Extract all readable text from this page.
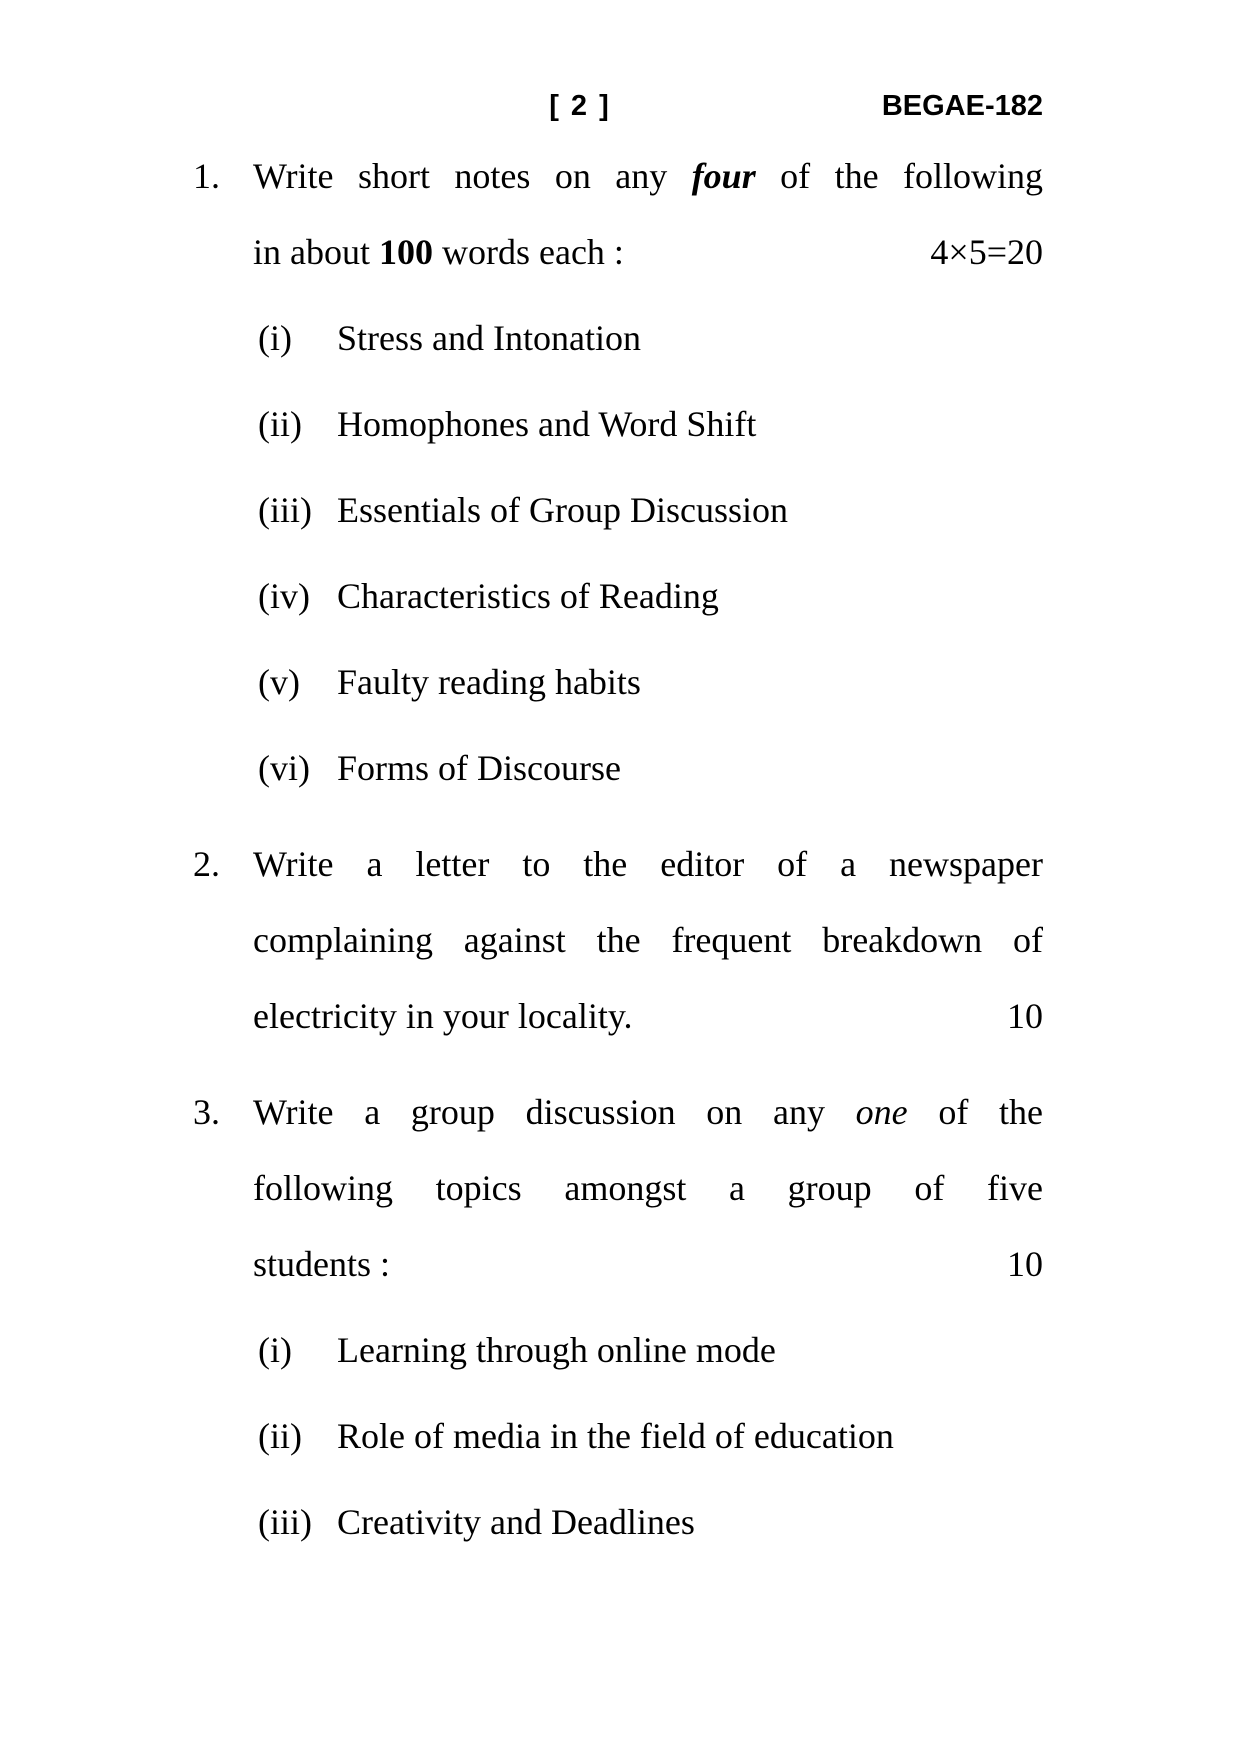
[ 2 ]	BEGAE-182
1. Write short notes on any four of the following
in about 100 words each :	4×5=20
(i)	Stress and Intonation
(ii) Homophones and Word Shift
(iii) Essentials of Group Discussion
(iv) Characteristics of Reading
(v)	Faulty reading habits
(vi) Forms of Discourse
2. Write a letter to the editor of a newspaper
complaining against the frequent breakdown of
electricity in your locality.	10
3. Write a group discussion on any one of the
following topics amongst a group of five
students :	10
(i)	Learning through online mode
(ii) Role of media in the field of education
(iii) Creativity and Deadlines
